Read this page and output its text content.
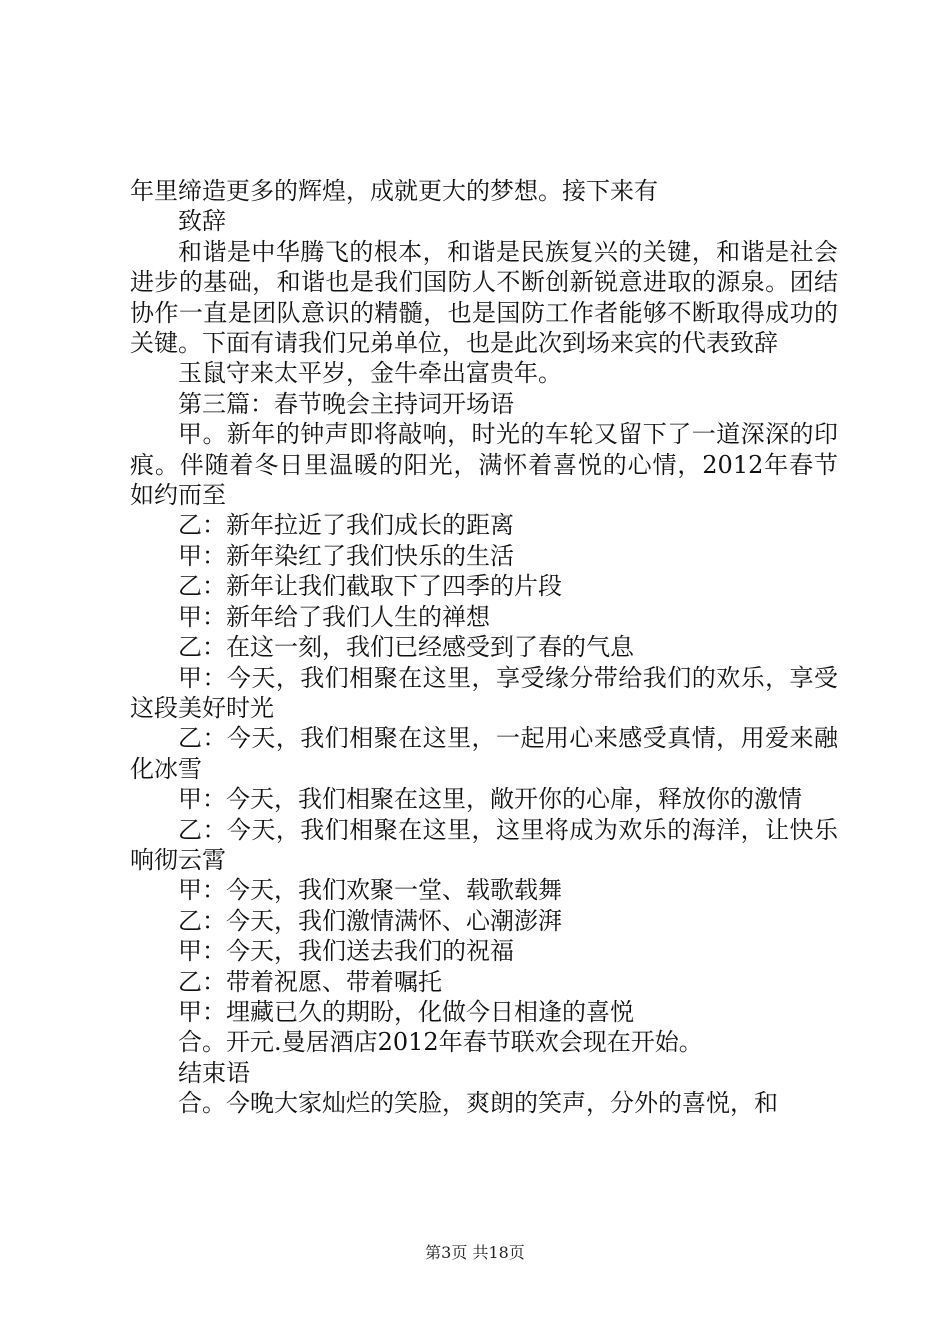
年里缔造更多的辉煌，成就更大的梦想。接下来有

致辞

和谐是中华腾飞的根本，和谐是民族复兴的关键，和谐是社会进步的基础，和谐也是我们国防人不断创新锐意进取的源泉。团结协作一直是团队意识的精髓，也是国防工作者能够不断取得成功的关键。下面有请我们兄弟单位，也是此次到场来宾的代表致辞

玉鼠守来太平岁，金牛牵出富贵年。

第三篇：春节晚会主持词开场语

甲。新年的钟声即将敲响，时光的车轮又留下了一道深深的印痕。伴随着冬日里温暖的阳光，满怀着喜悦的心情，2012年春节如约而至

乙：新年拉近了我们成长的距离

甲：新年染红了我们快乐的生活

乙：新年让我们截取下了四季的片段

甲：新年给了我们人生的禅想

乙：在这一刻，我们已经感受到了春的气息

甲：今天，我们相聚在这里，享受缘分带给我们的欢乐，享受这段美好时光

乙：今天，我们相聚在这里，一起用心来感受真情，用爱来融化冰雪

甲：今天，我们相聚在这里，敞开你的心扉，释放你的激情

乙：今天，我们相聚在这里，这里将成为欢乐的海洋，让快乐响彻云霄

甲：今天，我们欢聚一堂、载歌载舞

乙：今天，我们激情满怀、心潮澎湃

甲：今天，我们送去我们的祝福

乙：带着祝愿、带着嘱托

甲：埋藏已久的期盼，化做今日相逢的喜悦

合。开元.曼居酒店2012年春节联欢会现在开始。

结束语

合。今晚大家灿烂的笑脸，爽朗的笑声，分外的喜悦，和

第3页 共18页
